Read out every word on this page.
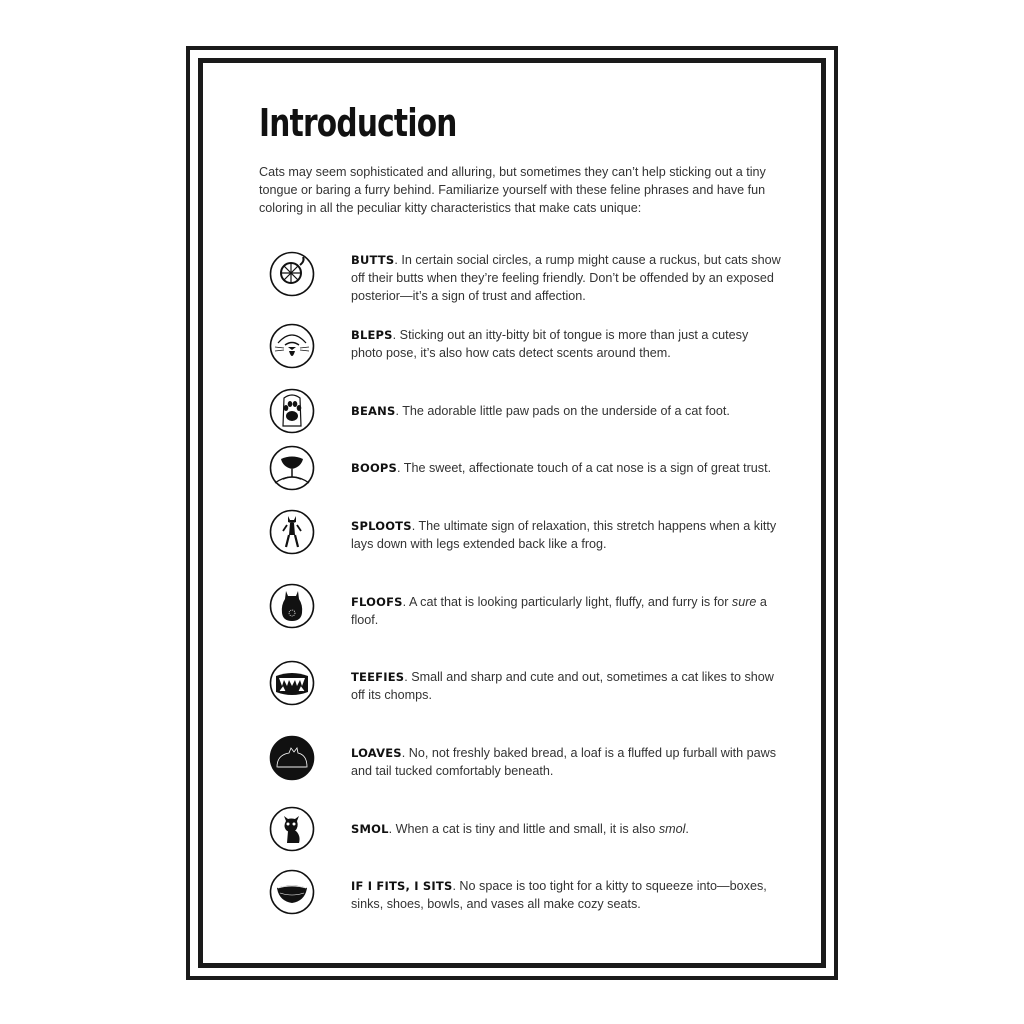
Introduction

Cats may seem sophisticated and alluring, but sometimes they can’t help sticking out a tiny tongue or baring a furry behind. Familiarize yourself with these feline phrases and have fun coloring in all the peculiar kitty characteristics that make cats unique:

BUTTS. In certain social circles, a rump might cause a ruckus, but cats show off their butts when they’re feeling friendly. Don’t be offended by an exposed posterior—it’s a sign of trust and affection.
BLEPS. Sticking out an itty-bitty bit of tongue is more than just a cutesy photo pose, it’s also how cats detect scents around them.
BEANS. The adorable little paw pads on the underside of a cat foot.
BOOPS. The sweet, affectionate touch of a cat nose is a sign of great trust.
SPLOOTS. The ultimate sign of relaxation, this stretch happens when a kitty lays down with legs extended back like a frog.
FLOOFS. A cat that is looking particularly light, fluffy, and furry is for sure a floof.
TEEFIES. Small and sharp and cute and out, sometimes a cat likes to show off its chomps.
LOAVES. No, not freshly baked bread, a loaf is a fluffed up furball with paws and tail tucked comfortably beneath.
SMOL. When a cat is tiny and little and small, it is also smol.
IF I FITS, I SITS. No space is too tight for a kitty to squeeze into—boxes, sinks, shoes, bowls, and vases all make cozy seats.
